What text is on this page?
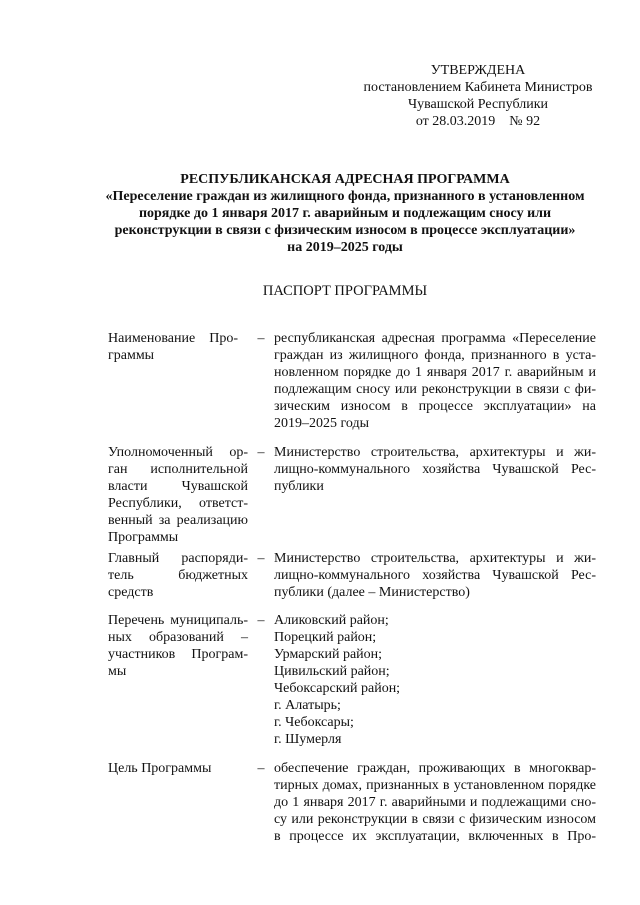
УТВЕРЖДЕНА
постановлением Кабинета Министров
Чувашской Республики
от 28.03.2019    № 92
РЕСПУБЛИКАНСКАЯ АДРЕСНАЯ ПРОГРАММА
«Переселение граждан из жилищного фонда, признанного в установленном
порядке до 1 января 2017 г. аварийным и подлежащим сносу или
реконструкции в связи с физическим износом в процессе эксплуатации»
на 2019–2025 годы
ПАСПОРТ ПРОГРАММЫ
Наименование    Про-
граммы
– республиканская адресная программа «Переселение
граждан из жилищного фонда, признанного в уста-
новленном порядке до 1 января 2017 г. аварийным и
подлежащим сносу или реконструкции в связи с фи-
зическим износом в процессе эксплуатации» на
2019–2025 годы
Уполномоченный ор-
ган исполнительной
власти Чувашской
Республики, ответст-
венный за реализацию
Программы
– Министерство строительства, архитектуры и жи-
лищно-коммунального хозяйства Чувашской Рес-
публики
Главный распоряди-
тель бюджетных
средств
– Министерство строительства, архитектуры и жи-
лищно-коммунального хозяйства Чувашской Рес-
публики (далее – Министерство)
Перечень муниципаль-
ных образований –
участников Програм-
мы
– Аликовский район;
Порецкий район;
Урмарский район;
Цивильский район;
Чебоксарский район;
г. Алатырь;
г. Чебоксары;
г. Шумерля
Цель Программы	– обеспечение граждан, проживающих в многоквар-
тирных домах, признанных в установленном порядке
до 1 января 2017 г. аварийными и подлежащими сно-
су или реконструкции в связи с физическим износом
в процессе их эксплуатации, включенных в Про-
